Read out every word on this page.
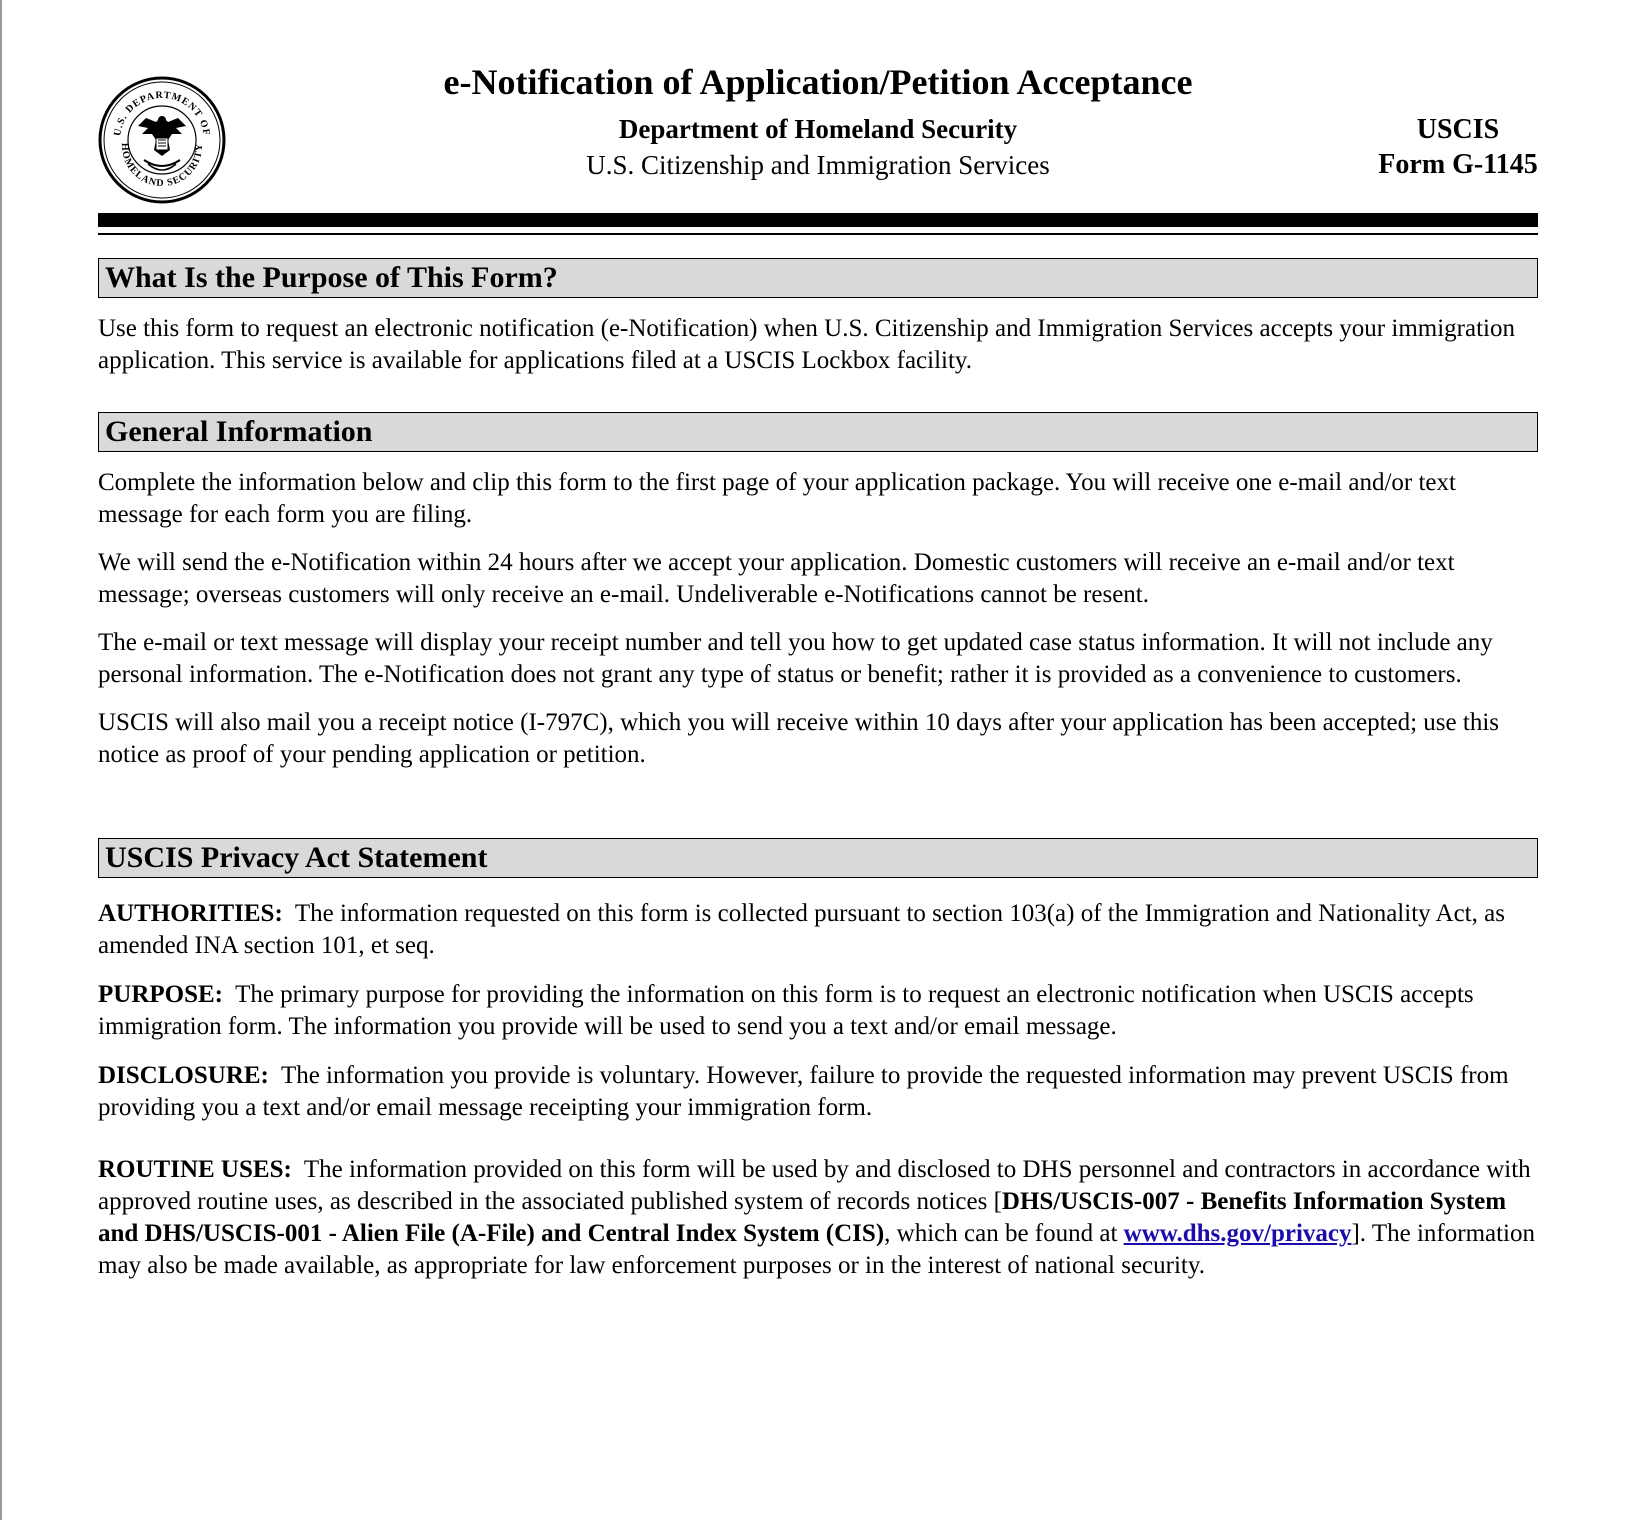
U.S. DEPARTMENT OF
HOMELAND SECURITY
e-Notification of Application/Petition Acceptance
Department of Homeland Security
U.S. Citizenship and Immigration Services
USCIS
Form G-1145
What Is the Purpose of This Form?

Use this form to request an electronic notification (e-Notification) when U.S. Citizenship and Immigration Services accepts your immigration application. This service is available for applications filed at a USCIS Lockbox facility.

General Information

Complete the information below and clip this form to the first page of your application package. You will receive one e-mail and/or text message for each form you are filing.

We will send the e-Notification within 24 hours after we accept your application. Domestic customers will receive an e-mail and/or text message; overseas customers will only receive an e-mail. Undeliverable e-Notifications cannot be resent.

The e-mail or text message will display your receipt number and tell you how to get updated case status information. It will not include any personal information. The e-Notification does not grant any type of status or benefit; rather it is provided as a convenience to customers.

USCIS will also mail you a receipt notice (I-797C), which you will receive within 10 days after your application has been accepted; use this notice as proof of your pending application or petition.

USCIS Privacy Act Statement

AUTHORITIES: The information requested on this form is collected pursuant to section 103(a) of the Immigration and Nationality Act, as amended INA section 101, et seq.

PURPOSE: The primary purpose for providing the information on this form is to request an electronic notification when USCIS accepts immigration form. The information you provide will be used to send you a text and/or email message.

DISCLOSURE: The information you provide is voluntary. However, failure to provide the requested information may prevent USCIS from providing you a text and/or email message receipting your immigration form.

ROUTINE USES: The information provided on this form will be used by and disclosed to DHS personnel and contractors in accordance with approved routine uses, as described in the associated published system of records notices [DHS/USCIS-007 - Benefits Information System and DHS/USCIS-001 - Alien File (A-File) and Central Index System (CIS), which can be found at www.dhs.gov/privacy]. The information may also be made available, as appropriate for law enforcement purposes or in the interest of national security.
